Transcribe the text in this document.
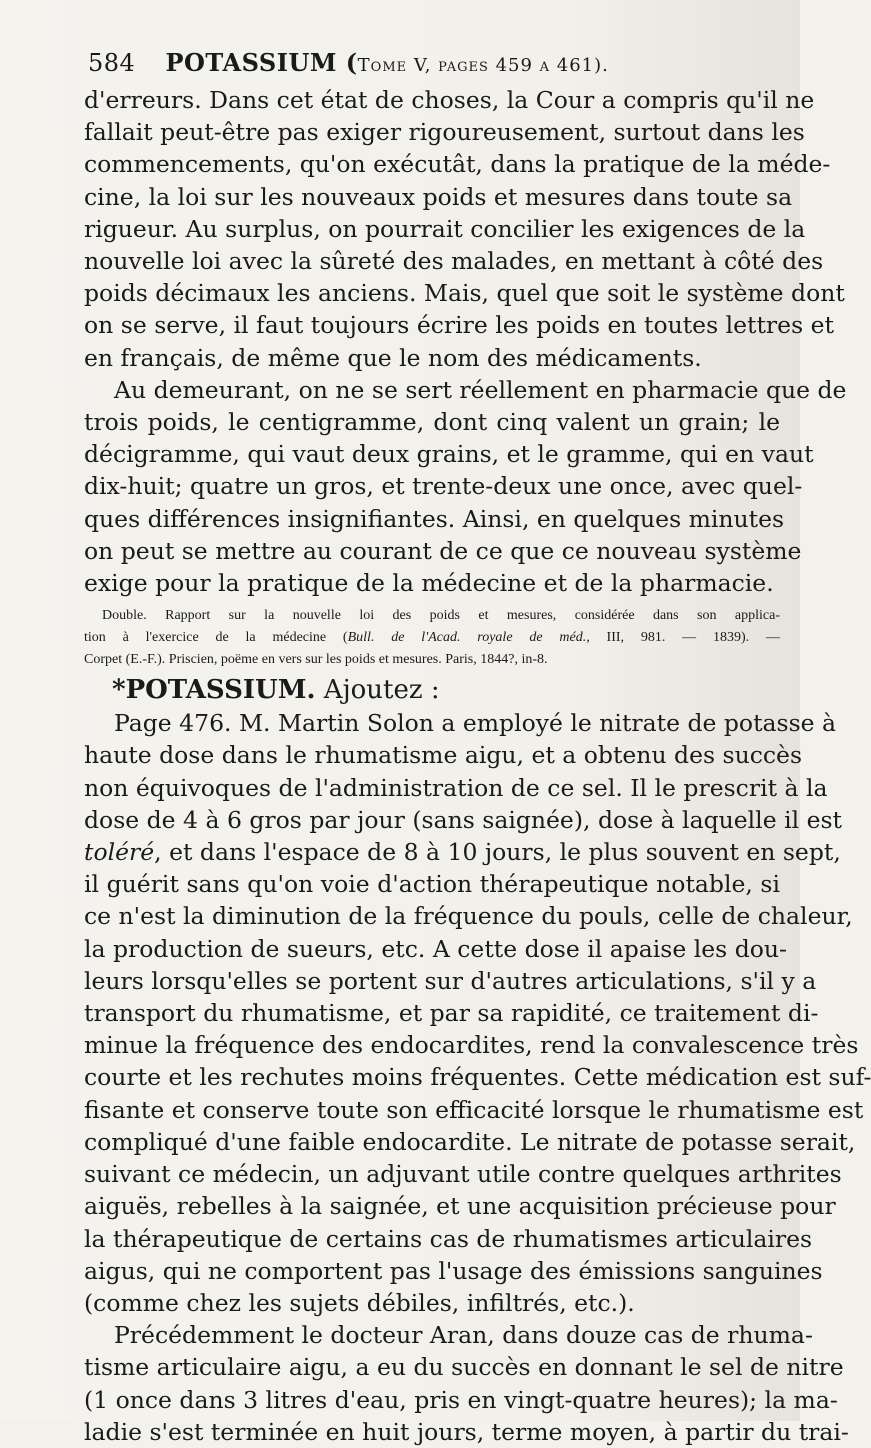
584 POTASSIUM (Tome V, pages 459 a 461).
d'erreurs. Dans cet état de choses, la Cour a compris qu'il ne
fallait peut-être pas exiger rigoureusement, surtout dans les
commencements, qu'on exécutât, dans la pratique de la méde-
cine, la loi sur les nouveaux poids et mesures dans toute sa
rigueur. Au surplus, on pourrait concilier les exigences de la
nouvelle loi avec la sûreté des malades, en mettant à côté des
poids décimaux les anciens. Mais, quel que soit le système dont
on se serve, il faut toujours écrire les poids en toutes lettres et
en français, de même que le nom des médicaments.
Au demeurant, on ne se sert réellement en pharmacie que de
trois poids, le centigramme, dont cinq valent un grain; le
décigramme, qui vaut deux grains, et le gramme, qui en vaut
dix-huit; quatre un gros, et trente-deux une once, avec quel-
ques différences insignifiantes. Ainsi, en quelques minutes
on peut se mettre au courant de ce que ce nouveau système
exige pour la pratique de la médecine et de la pharmacie.
Double. Rapport sur la nouvelle loi des poids et mesures, considérée dans son applica-
tion à l'exercice de la médecine (Bull. de l'Acad. royale de méd., III, 981. — 1839). —
Corpet (E.-F.). Priscien, poëme en vers sur les poids et mesures. Paris, 1844?, in-8.
*POTASSIUM. Ajoutez :
Page 476. M. Martin Solon a employé le nitrate de potasse à
haute dose dans le rhumatisme aigu, et a obtenu des succès
non équivoques de l'administration de ce sel. Il le prescrit à la
dose de 4 à 6 gros par jour (sans saignée), dose à laquelle il est
toléré, et dans l'espace de 8 à 10 jours, le plus souvent en sept,
il guérit sans qu'on voie d'action thérapeutique notable, si
ce n'est la diminution de la fréquence du pouls, celle de chaleur,
la production de sueurs, etc. A cette dose il apaise les dou-
leurs lorsqu'elles se portent sur d'autres articulations, s'il y a
transport du rhumatisme, et par sa rapidité, ce traitement di-
minue la fréquence des endocardites, rend la convalescence très
courte et les rechutes moins fréquentes. Cette médication est suf-
fisante et conserve toute son efficacité lorsque le rhumatisme est
compliqué d'une faible endocardite. Le nitrate de potasse serait,
suivant ce médecin, un adjuvant utile contre quelques arthrites
aiguës, rebelles à la saignée, et une acquisition précieuse pour
la thérapeutique de certains cas de rhumatismes articulaires
aigus, qui ne comportent pas l'usage des émissions sanguines
(comme chez les sujets débiles, infiltrés, etc.).
Précédemment le docteur Aran, dans douze cas de rhuma-
tisme articulaire aigu, a eu du succès en donnant le sel de nitre
(1 once dans 3 litres d'eau, pris en vingt-quatre heures); la ma-
ladie s'est terminée en huit jours, terme moyen, à partir du trai-
